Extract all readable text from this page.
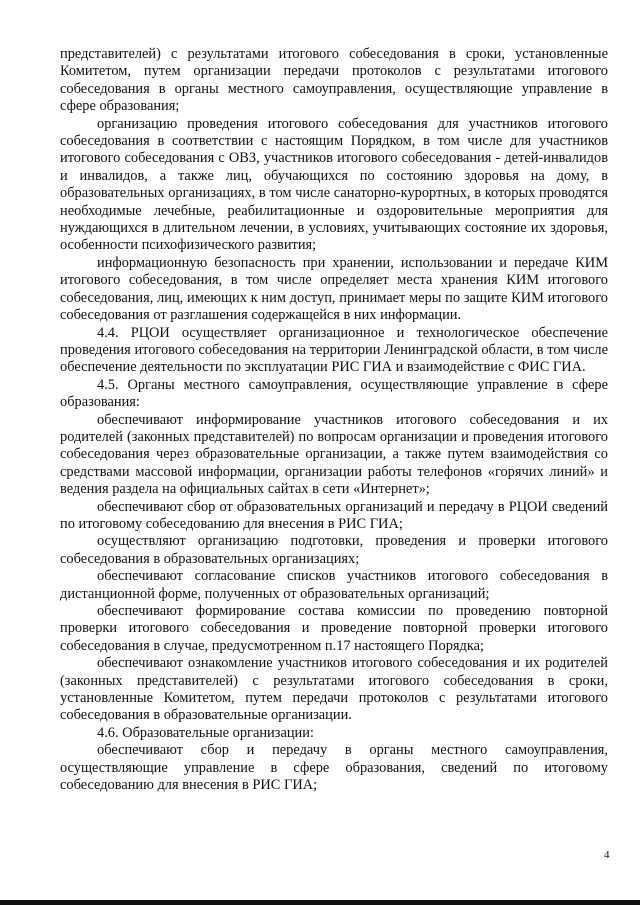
представителей) с результатами итогового собеседования в сроки, установленные Комитетом, путем организации передачи протоколов с результатами итогового собеседования в органы местного самоуправления, осуществляющие управление в сфере образования;

организацию проведения итогового собеседования для участников итогового собеседования в соответствии с настоящим Порядком, в том числе для участников итогового собеседования с ОВЗ, участников итогового собеседования - детей-инвалидов и инвалидов, а также лиц, обучающихся по состоянию здоровья на дому, в образовательных организациях, в том числе санаторно-курортных, в которых проводятся необходимые лечебные, реабилитационные и оздоровительные мероприятия для нуждающихся в длительном лечении, в условиях, учитывающих состояние их здоровья, особенности психофизического развития;

информационную безопасность при хранении, использовании и передаче КИМ итогового собеседования, в том числе определяет места хранения КИМ итогового собеседования, лиц, имеющих к ним доступ, принимает меры по защите КИМ итогового собеседования от разглашения содержащейся в них информации.

4.4. РЦОИ осуществляет организационное и технологическое обеспечение проведения итогового собеседования на территории Ленинградской области, в том числе обеспечение деятельности по эксплуатации РИС ГИА и взаимодействие с ФИС ГИА.

4.5. Органы местного самоуправления, осуществляющие управление в сфере образования:

обеспечивают информирование участников итогового собеседования и их родителей (законных представителей) по вопросам организации и проведения итогового собеседования через образовательные организации, а также путем взаимодействия со средствами массовой информации, организации работы телефонов «горячих линий» и ведения раздела на официальных сайтах в сети «Интернет»;

обеспечивают сбор от образовательных организаций и передачу в РЦОИ сведений по итоговому собеседованию для внесения в РИС ГИА;

осуществляют организацию подготовки, проведения и проверки итогового собеседования в образовательных организациях;

обеспечивают согласование списков участников итогового собеседования в дистанционной форме, полученных от образовательных организаций;

обеспечивают формирование состава комиссии по проведению повторной проверки итогового собеседования и проведение повторной проверки итогового собеседования в случае, предусмотренном п.17 настоящего Порядка;

обеспечивают ознакомление участников итогового собеседования и их родителей (законных представителей) с результатами итогового собеседования в сроки, установленные Комитетом, путем передачи протоколов с результатами итогового собеседования в образовательные организации.

4.6. Образовательные организации:

обеспечивают сбор и передачу в органы местного самоуправления, осуществляющие управление в сфере образования, сведений по итоговому собеседованию для внесения в РИС ГИА;

4
